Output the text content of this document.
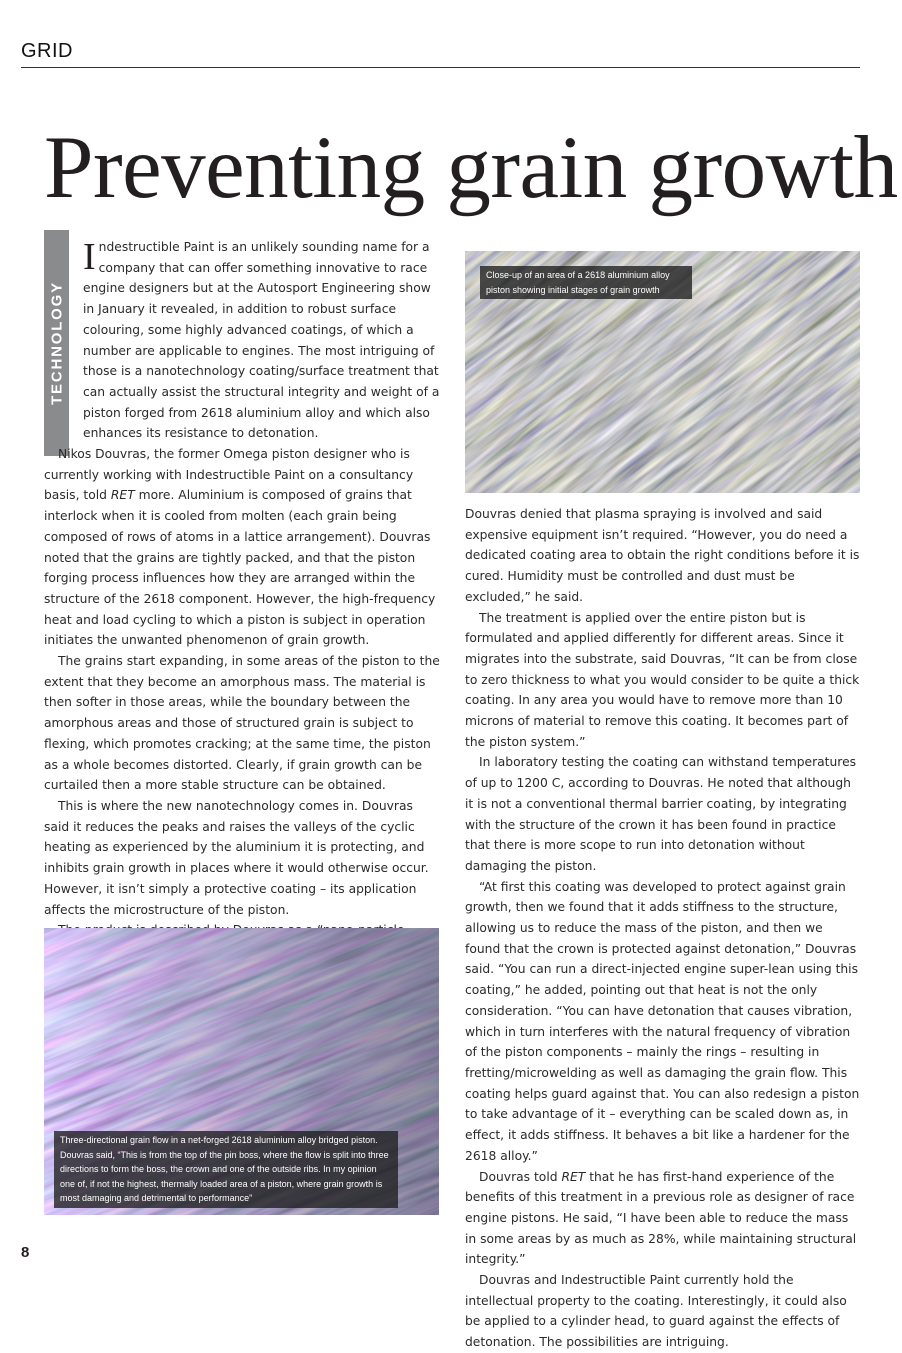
GRID
Preventing grain growth
TECHNOLOGY

Indestructible Paint is an unlikely sounding name for a company that can offer something innovative to race engine designers but at the Autosport Engineering show in January it revealed, in addition to robust surface colouring, some highly advanced coatings, of which a number are applicable to engines. The most intriguing of those is a nanotechnology coating/surface treatment that can actually assist the structural integrity and weight of a piston forged from 2618 aluminium alloy and which also enhances its resistance to detonation.

Nikos Douvras, the former Omega piston designer who is currently working with Indestructible Paint on a consultancy basis, told RET more. Aluminium is composed of grains that interlock when it is cooled from molten (each grain being composed of rows of atoms in a lattice arrangement). Douvras noted that the grains are tightly packed, and that the piston forging process influences how they are arranged within the structure of the 2618 component. However, the high-frequency heat and load cycling to which a piston is subject in operation initiates the unwanted phenomenon of grain growth.

The grains start expanding, in some areas of the piston to the extent that they become an amorphous mass. The material is then softer in those areas, while the boundary between the amorphous areas and those of structured grain is subject to flexing, which promotes cracking; at the same time, the piston as a whole becomes distorted. Clearly, if grain growth can be curtailed then a more stable structure can be obtained.

This is where the new nanotechnology comes in. Douvras said it reduces the peaks and raises the valleys of the cyclic heating as experienced by the aluminium it is protecting, and inhibits grain growth in places where it would otherwise occur. However, it isn’t simply a protective coating – its application affects the microstructure of the piston.

Close-up of an area of a 2618 aluminium alloy piston showing initial stages of grain growth
Three-directional grain flow in a net-forged 2618 aluminium alloy bridged piston. Douvras said, “This is from the top of the pin boss, where the flow is split into three directions to form the boss, the crown and one of the outside ribs. In my opinion one of, if not the highest, thermally loaded area of a piston, where grain growth is most damaging and detrimental to performance”

Douvras denied that plasma spraying is involved and said expensive equipment isn’t required. “However, you do need a dedicated coating area to obtain the right conditions before it is cured. Humidity must be controlled and dust must be excluded,” he said.

The treatment is applied over the entire piston but is formulated and applied differently for different areas. Since it migrates into the substrate, said Douvras, “It can be from close to zero thickness to what you would consider to be quite a thick coating. In any area you would have to remove more than 10 microns of material to remove this coating. It becomes part of the piston system.”

In laboratory testing the coating can withstand temperatures of up to 1200 C, according to Douvras. He noted that although it is not a conventional thermal barrier coating, by integrating with the structure of the crown it has been found in practice that there is more scope to run into detonation without damaging the piston.

“At first this coating was developed to protect against grain growth, then we found that it adds stiffness to the structure, allowing us to reduce the mass of the piston, and then we found that the crown is protected against detonation,” Douvras said. “You can run a direct-injected engine super-lean using this coating,” he added, pointing out that heat is not the only consideration. “You can have detonation that causes vibration, which in turn interferes with the natural frequency of vibration of the piston components – mainly the rings – resulting in fretting/microwelding as well as damaging the grain flow. This coating helps guard against that. You can also redesign a piston to take advantage of it – everything can be scaled down as, in effect, it adds stiffness. It behaves a bit like a hardener for the 2618 alloy.”

Douvras told RET that he has first-hand experience of the benefits of this treatment in a previous role as designer of race engine pistons. He said, “I have been able to reduce the mass in some areas by as much as 28%, while maintaining structural integrity.”

Douvras and Indestructible Paint currently hold the intellectual property to the coating. Interestingly, it could also be applied to a cylinder head, to guard against the effects of detonation. The possibilities are intriguing.

8
